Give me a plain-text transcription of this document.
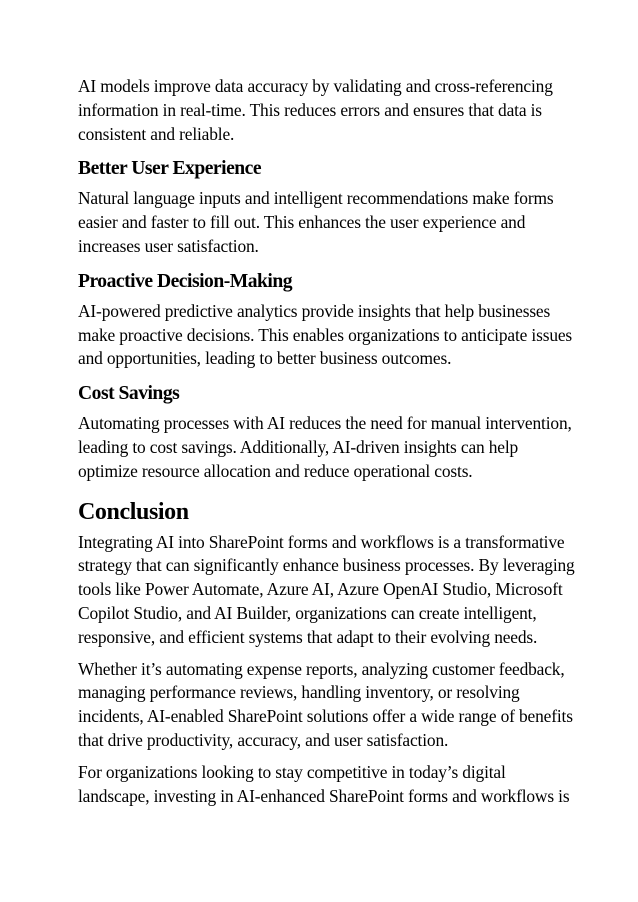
AI models improve data accuracy by validating and cross-referencing
information in real-time. This reduces errors and ensures that data is
consistent and reliable.

Better User Experience

Natural language inputs and intelligent recommendations make forms
easier and faster to fill out. This enhances the user experience and
increases user satisfaction.

Proactive Decision-Making

AI-powered predictive analytics provide insights that help businesses
make proactive decisions. This enables organizations to anticipate issues
and opportunities, leading to better business outcomes.

Cost Savings

Automating processes with AI reduces the need for manual intervention,
leading to cost savings. Additionally, AI-driven insights can help
optimize resource allocation and reduce operational costs.

Conclusion

Integrating AI into SharePoint forms and workflows is a transformative
strategy that can significantly enhance business processes. By leveraging
tools like Power Automate, Azure AI, Azure OpenAI Studio, Microsoft
Copilot Studio, and AI Builder, organizations can create intelligent,
responsive, and efficient systems that adapt to their evolving needs.

Whether it’s automating expense reports, analyzing customer feedback,
managing performance reviews, handling inventory, or resolving
incidents, AI-enabled SharePoint solutions offer a wide range of benefits
that drive productivity, accuracy, and user satisfaction.

For organizations looking to stay competitive in today’s digital
landscape, investing in AI-enhanced SharePoint forms and workflows is
